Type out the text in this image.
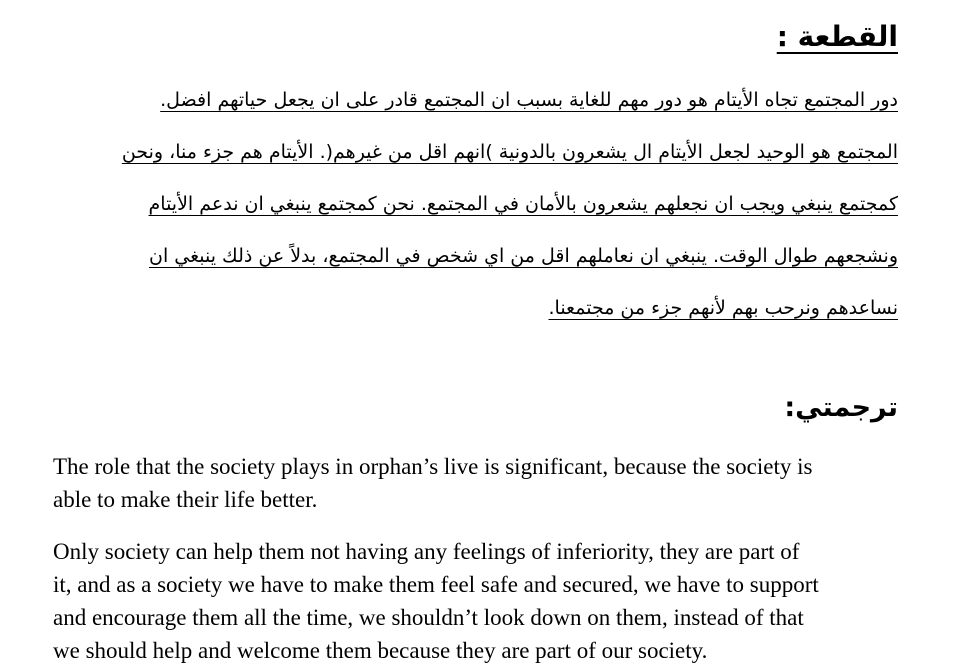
القطعة :
دور المجتمع تجاه الأيتام هو دور مهم للغاية بسبب ان المجتمع قادر على ان يجعل حياتهم افضل.
المجتمع هو الوحيد لجعل الأيتام ال يشعرون بالدونية )انهم اقل من غيرهم(. الأيتام هم جزء منا، ونحن
كمجتمع ينبغي ويجب ان نجعلهم يشعرون بالأمان في المجتمع. نحن كمجتمع ينبغي ان ندعم الأيتام
ونشجعهم طوال الوقت. ينبغي ان نعاملهم اقل من اي شخص في المجتمع، بدلاً عن ذلك ينبغي ان
نساعدهم ونرحب بهم لأنهم جزء من مجتمعنا.
ترجمتي:

The role that the society plays in orphan’s live is significant, because the society is
able to make their life better.

Only society can help them not having any feelings of inferiority, they are part of
it, and as a society we have to make them feel safe and secured, we have to support
and encourage them all the time, we shouldn’t look down on them, instead of that
we should help and welcome them because they are part of our society.
